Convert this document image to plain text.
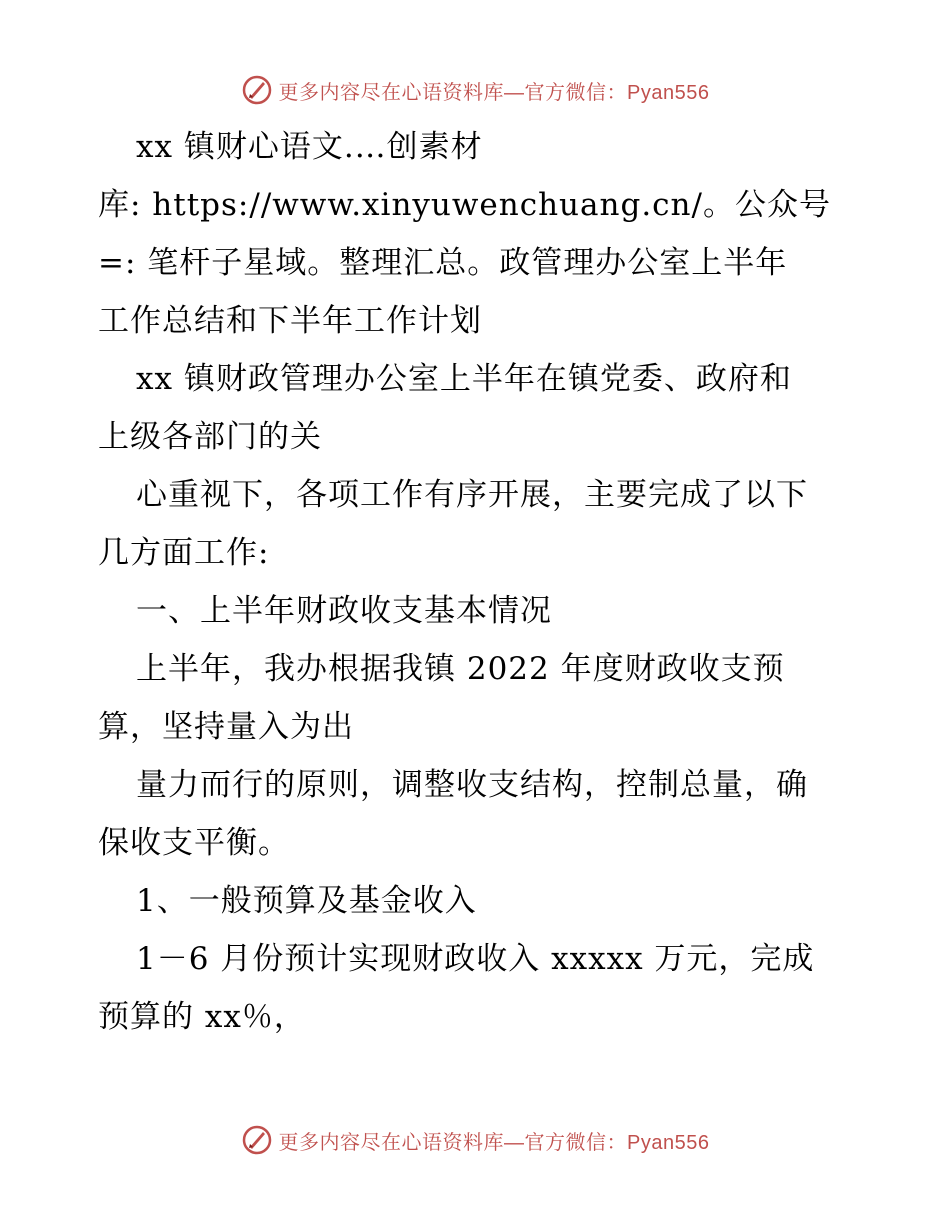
更多内容尽在心语资料库—官方微信：Pyan556
xx 镇财心语文.…创素材
库: https://www.xinyuwenchuang.cn/。公众号
=: 笔杆子星域。整理汇总。政管理办公室上半年
工作总结和下半年工作计划
xx 镇财政管理办公室上半年在镇党委、政府和
上级各部门的关
心重视下，各项工作有序开展，主要完成了以下
几方面工作:
一、上半年财政收支基本情况
上半年，我办根据我镇 2022 年度财政收支预
算，坚持量入为出
量力而行的原则，调整收支结构，控制总量，确
保收支平衡。
1、一般预算及基金收入
1－6 月份预计实现财政收入 xxxxx 万元，完成
预算的 xx％，
更多内容尽在心语资料库—官方微信：Pyan556
